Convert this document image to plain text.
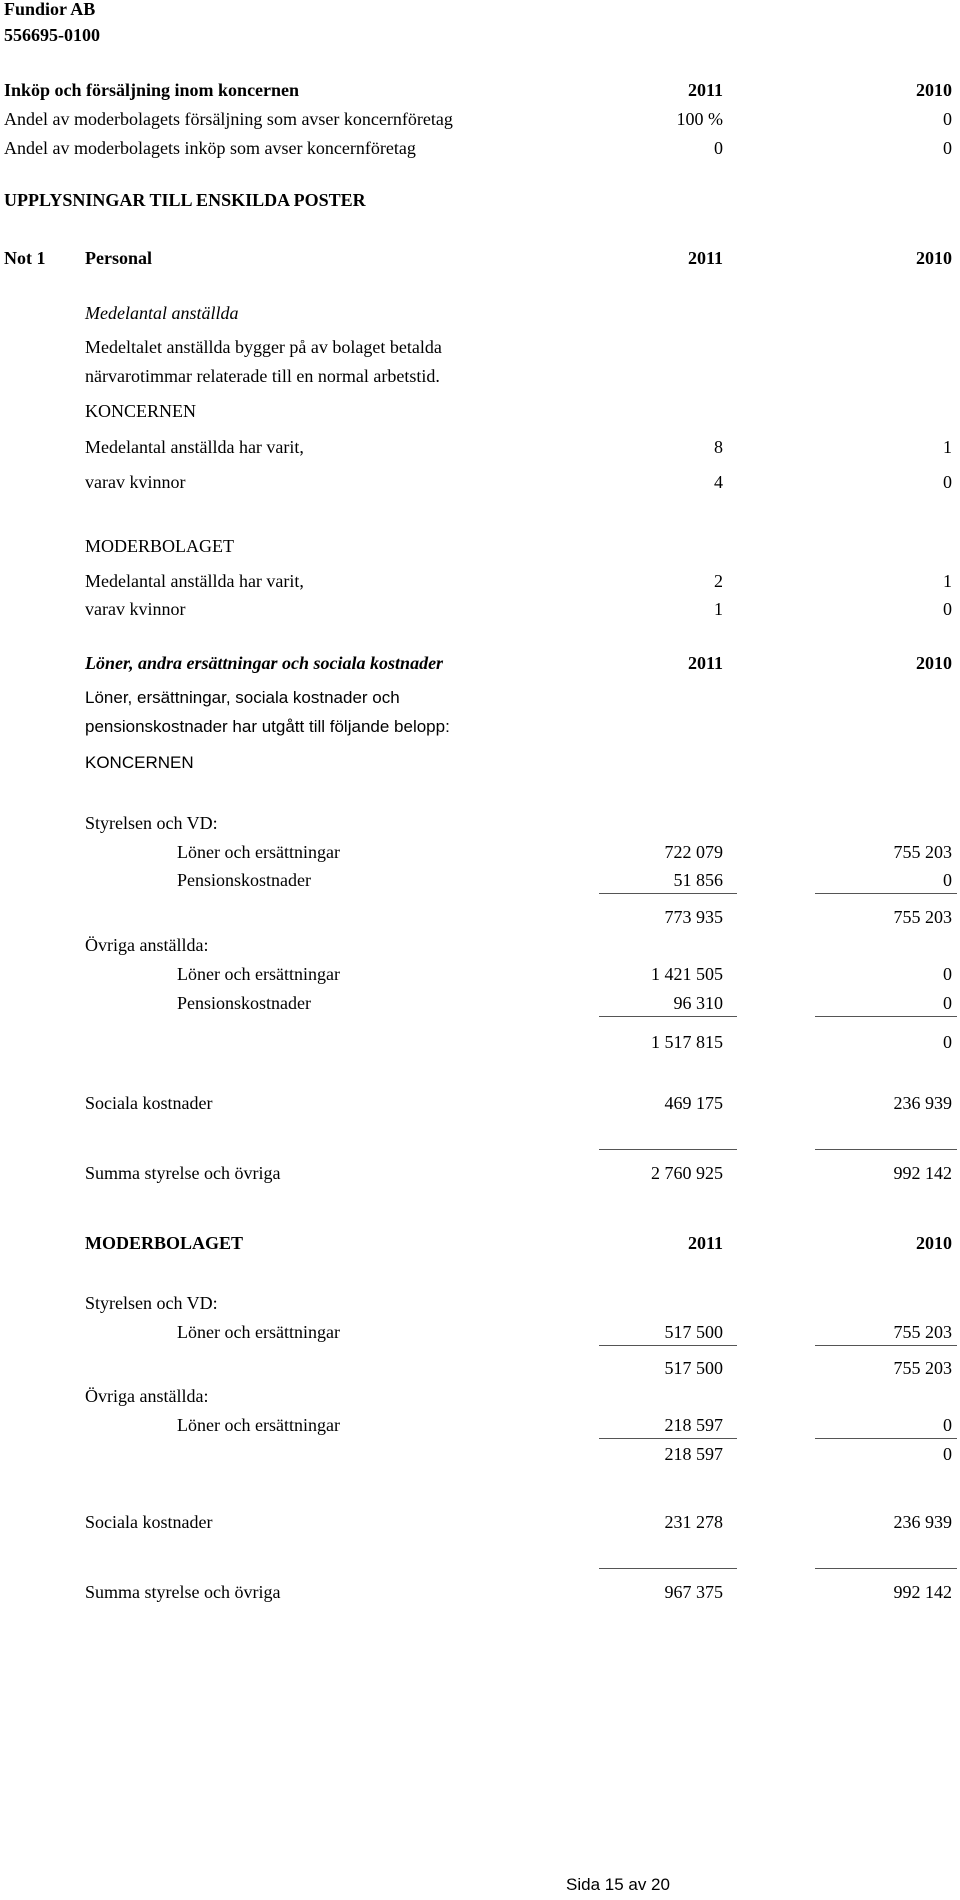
Fundior AB
556695-0100
Inköp och försäljning inom koncernen	2011	2010
Andel av moderbolagets försäljning som avser koncernföretag	100 %	0
Andel av moderbolagets inköp som avser koncernföretag	0	0
UPPLYSNINGAR TILL ENSKILDA POSTER
Not 1 Personal	2011	2010
Medelantal anställda
Medeltalet anställda bygger på av bolaget betalda
närvarotimmar relaterade till en normal arbetstid.
KONCERNEN
Medelantal anställda har varit,	8	1
varav kvinnor	4	0
MODERBOLAGET
Medelantal anställda har varit,	2	1
varav kvinnor	1	0
Löner, andra ersättningar och sociala kostnader	2011	2010
Löner, ersättningar, sociala kostnader och
pensionskostnader har utgått till följande belopp:
KONCERNEN
Styrelsen och VD:
Löner och ersättningar	722 079	755 203
Pensionskostnader	51 856	0
773 935	755 203
Övriga anställda:
Löner och ersättningar	1 421 505	0
Pensionskostnader	96 310	0
1 517 815	0
Sociala kostnader	469 175	236 939
Summa styrelse och övriga	2 760 925	992 142
MODERBOLAGET	2011	2010
Styrelsen och VD:
Löner och ersättningar	517 500	755 203
517 500	755 203
Övriga anställda:
Löner och ersättningar	218 597	0
218 597	0
Sociala kostnader	231 278	236 939
Summa styrelse och övriga	967 375	992 142
Sida 15 av 20
